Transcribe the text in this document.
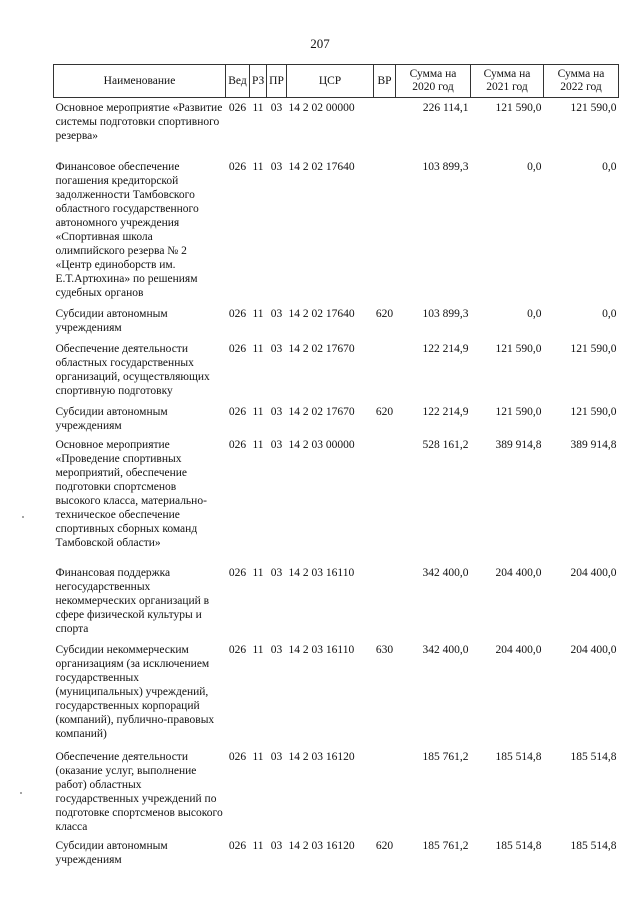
207
Наименование	Вед	РЗ	ПР	ЦСР	ВР	Сумма на 2020 год	Сумма на 2021 год	Сумма на 2022 год
Основное мероприятие «Развитие системы подготовки спортивного резерва»	026	11	03	14 2 02 00000		226 114,1	121 590,0	121 590,0
Финансовое обеспечение погашения кредиторской задолженности Тамбовского областного государственного автономного учреждения «Спортивная школа олимпийского резерва № 2 «Центр единоборств им. Е.Т.Артюхина» по решениям судебных органов	026	11	03	14 2 02 17640		103 899,3	0,0	0,0
Субсидии автономным учреждениям	026	11	03	14 2 02 17640	620	103 899,3	0,0	0,0
Обеспечение деятельности областных государственных организаций, осуществляющих спортивную подготовку	026	11	03	14 2 02 17670		122 214,9	121 590,0	121 590,0
Субсидии автономным учреждениям	026	11	03	14 2 02 17670	620	122 214,9	121 590,0	121 590,0
Основное мероприятие «Проведение спортивных мероприятий, обеспечение подготовки спортсменов высокого класса, материально-техническое обеспечение спортивных сборных команд Тамбовской области»	026	11	03	14 2 03 00000		528 161,2	389 914,8	389 914,8
Финансовая поддержка негосударственных некоммерческих организаций в сфере физической культуры и спорта	026	11	03	14 2 03 16110		342 400,0	204 400,0	204 400,0
Субсидии некоммерческим организациям (за исключением государственных (муниципальных) учреждений, государственных корпораций (компаний), публично-правовых компаний)	026	11	03	14 2 03 16110	630	342 400,0	204 400,0	204 400,0
Обеспечение деятельности (оказание услуг, выполнение работ) областных государственных учреждений по подготовке спортсменов высокого класса	026	11	03	14 2 03 16120		185 761,2	185 514,8	185 514,8
Субсидии автономным учреждениям	026	11	03	14 2 03 16120	620	185 761,2	185 514,8	185 514,8
